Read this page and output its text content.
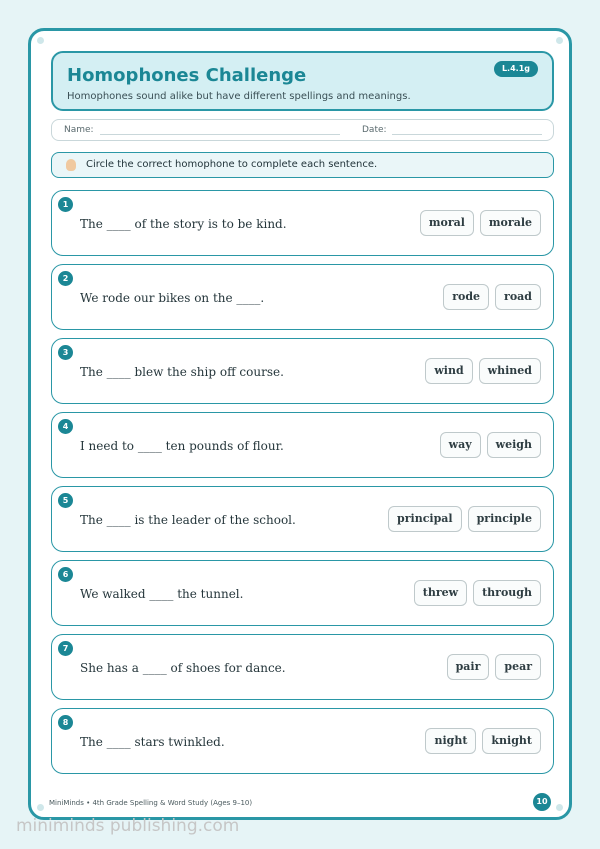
Homophones Challenge
Homophones sound alike but have different spellings and meanings.
L.4.1g
Name:	Date:
Circle the correct homophone to complete each sentence.
1
The ____ of the story is to be kind.	moral	morale
2
We rode our bikes on the ____.	rode	road
3
The ____ blew the ship off course.	wind	whined
4
I need to ____ ten pounds of flour.	way	weigh
5
The ____ is the leader of the school.	principal	principle
6
We walked ____ the tunnel.	threw	through
7
She has a ____ of shoes for dance.	pair	pear
8
The ____ stars twinkled.	night	knight
MiniMinds • 4th Grade Spelling & Word Study (Ages 9–10)	10
miniminds publishing.com
